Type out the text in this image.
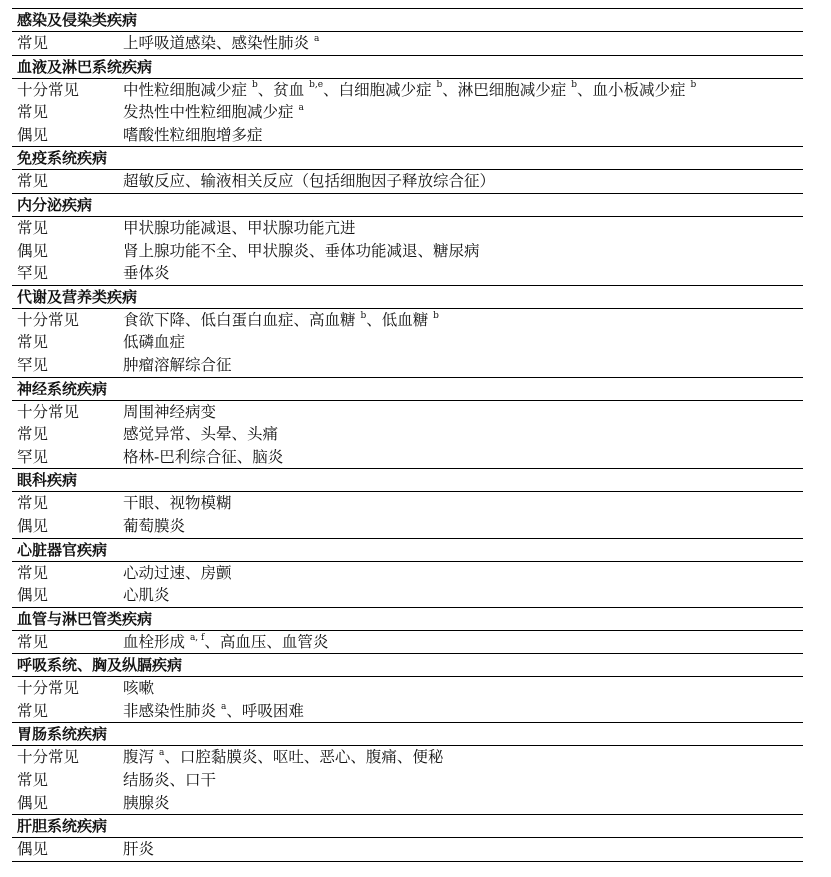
感染及侵染类疾病
常见	上呼吸道感染、感染性肺炎 $^a$
血液及淋巴系统疾病
十分常见	中性粒细胞减少症 $^b$、贫血 $^{b,e}$、白细胞减少症 $^b$、淋巴细胞减少症 $^b$、血小板减少症 $^b$
常见	发热性中性粒细胞减少症 $^a$
偶见	嗜酸性粒细胞增多症
免疫系统疾病
常见	超敏反应、输液相关反应（包括细胞因子释放综合征）
内分泌疾病
常见	甲状腺功能减退、甲状腺功能亢进
偶见	肾上腺功能不全、甲状腺炎、垂体功能减退、糖尿病
罕见	垂体炎
代谢及营养类疾病
十分常见	食欲下降、低白蛋白血症、高血糖 $^b$、低血糖 $^b$
常见	低磷血症
罕见	肿瘤溶解综合征
神经系统疾病
十分常见	周围神经病变
常见	感觉异常、头晕、头痛
罕见	格林-巴利综合征、脑炎
眼科疾病
常见	干眼、视物模糊
偶见	葡萄膜炎
心脏器官疾病
常见	心动过速、房颤
偶见	心肌炎
血管与淋巴管类疾病
常见	血栓形成 $^{a, f}$、高血压、血管炎
呼吸系统、胸及纵膈疾病
十分常见	咳嗽
常见	非感染性肺炎 $^a$、呼吸困难
胃肠系统疾病
十分常见	腹泻 $^a$、口腔黏膜炎、呕吐、恶心、腹痛、便秘
常见	结肠炎、口干
偶见	胰腺炎
肝胆系统疾病
偶见	肝炎
